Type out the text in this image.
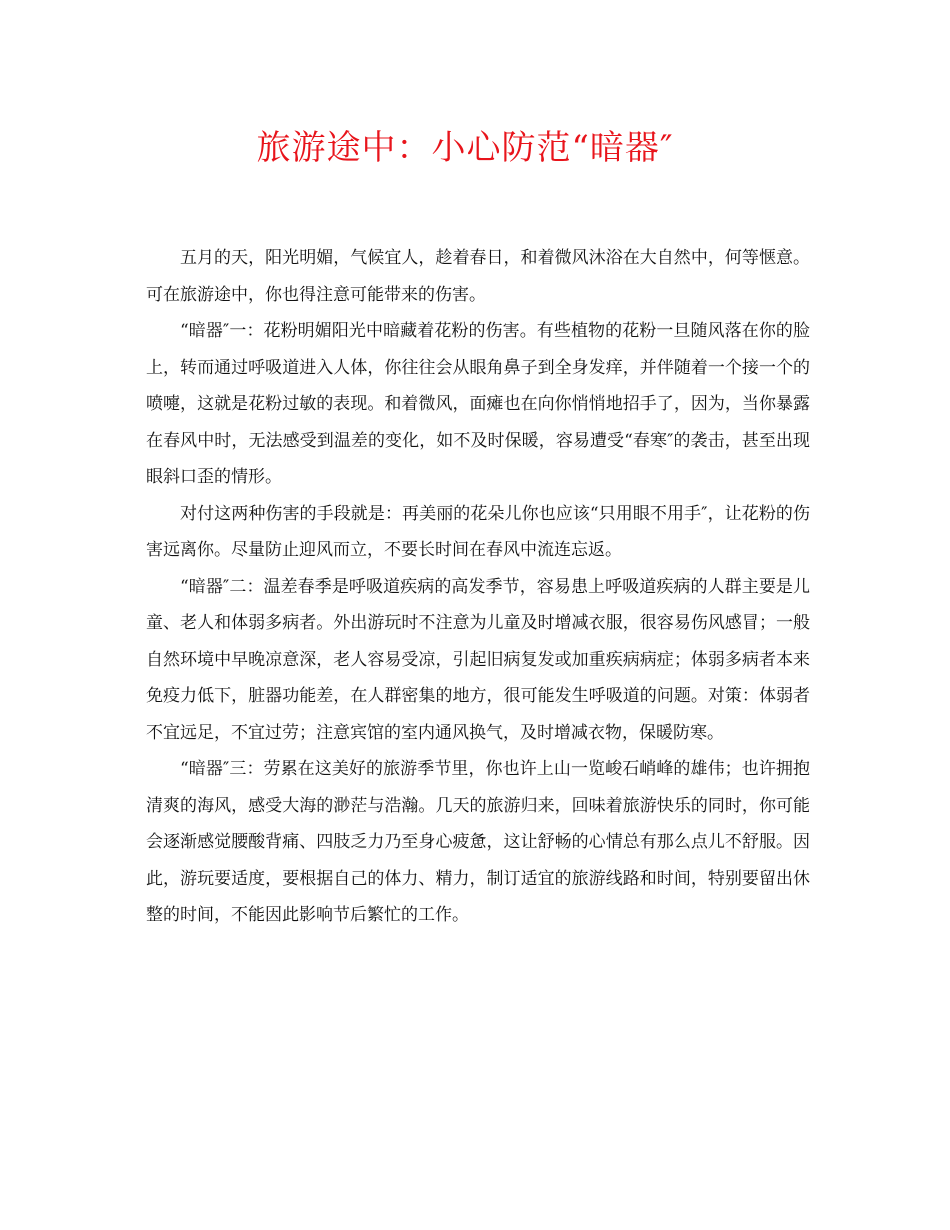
旅游途中：小心防范“暗器″

五月的天，阳光明媚，气候宜人，趁着春日，和着微风沐浴在大自然中，何等惬意。可在旅游途中，你也得注意可能带来的伤害。

“暗器″一：花粉明媚阳光中暗藏着花粉的伤害。有些植物的花粉一旦随风落在你的脸上，转而通过呼吸道进入人体，你往往会从眼角鼻子到全身发痒，并伴随着一个接一个的喷嚏，这就是花粉过敏的表现。和着微风，面瘫也在向你悄悄地招手了，因为，当你暴露在春风中时，无法感受到温差的变化，如不及时保暖，容易遭受“春寒″的袭击，甚至出现眼斜口歪的情形。

对付这两种伤害的手段就是：再美丽的花朵儿你也应该“只用眼不用手″，让花粉的伤害远离你。尽量防止迎风而立，不要长时间在春风中流连忘返。

“暗器″二：温差春季是呼吸道疾病的高发季节，容易患上呼吸道疾病的人群主要是儿童、老人和体弱多病者。外出游玩时不注意为儿童及时增减衣服，很容易伤风感冒；一般自然环境中早晚凉意深，老人容易受凉，引起旧病复发或加重疾病病症；体弱多病者本来免疫力低下，脏器功能差，在人群密集的地方，很可能发生呼吸道的问题。对策：体弱者不宜远足，不宜过劳；注意宾馆的室内通风换气，及时增减衣物，保暖防寒。

“暗器″三：劳累在这美好的旅游季节里，你也许上山一览峻石峭峰的雄伟；也许拥抱清爽的海风，感受大海的渺茫与浩瀚。几天的旅游归来，回味着旅游快乐的同时，你可能会逐渐感觉腰酸背痛、四肢乏力乃至身心疲惫，这让舒畅的心情总有那么点儿不舒服。因此，游玩要适度，要根据自己的体力、精力，制订适宜的旅游线路和时间，特别要留出休整的时间，不能因此影响节后繁忙的工作。
